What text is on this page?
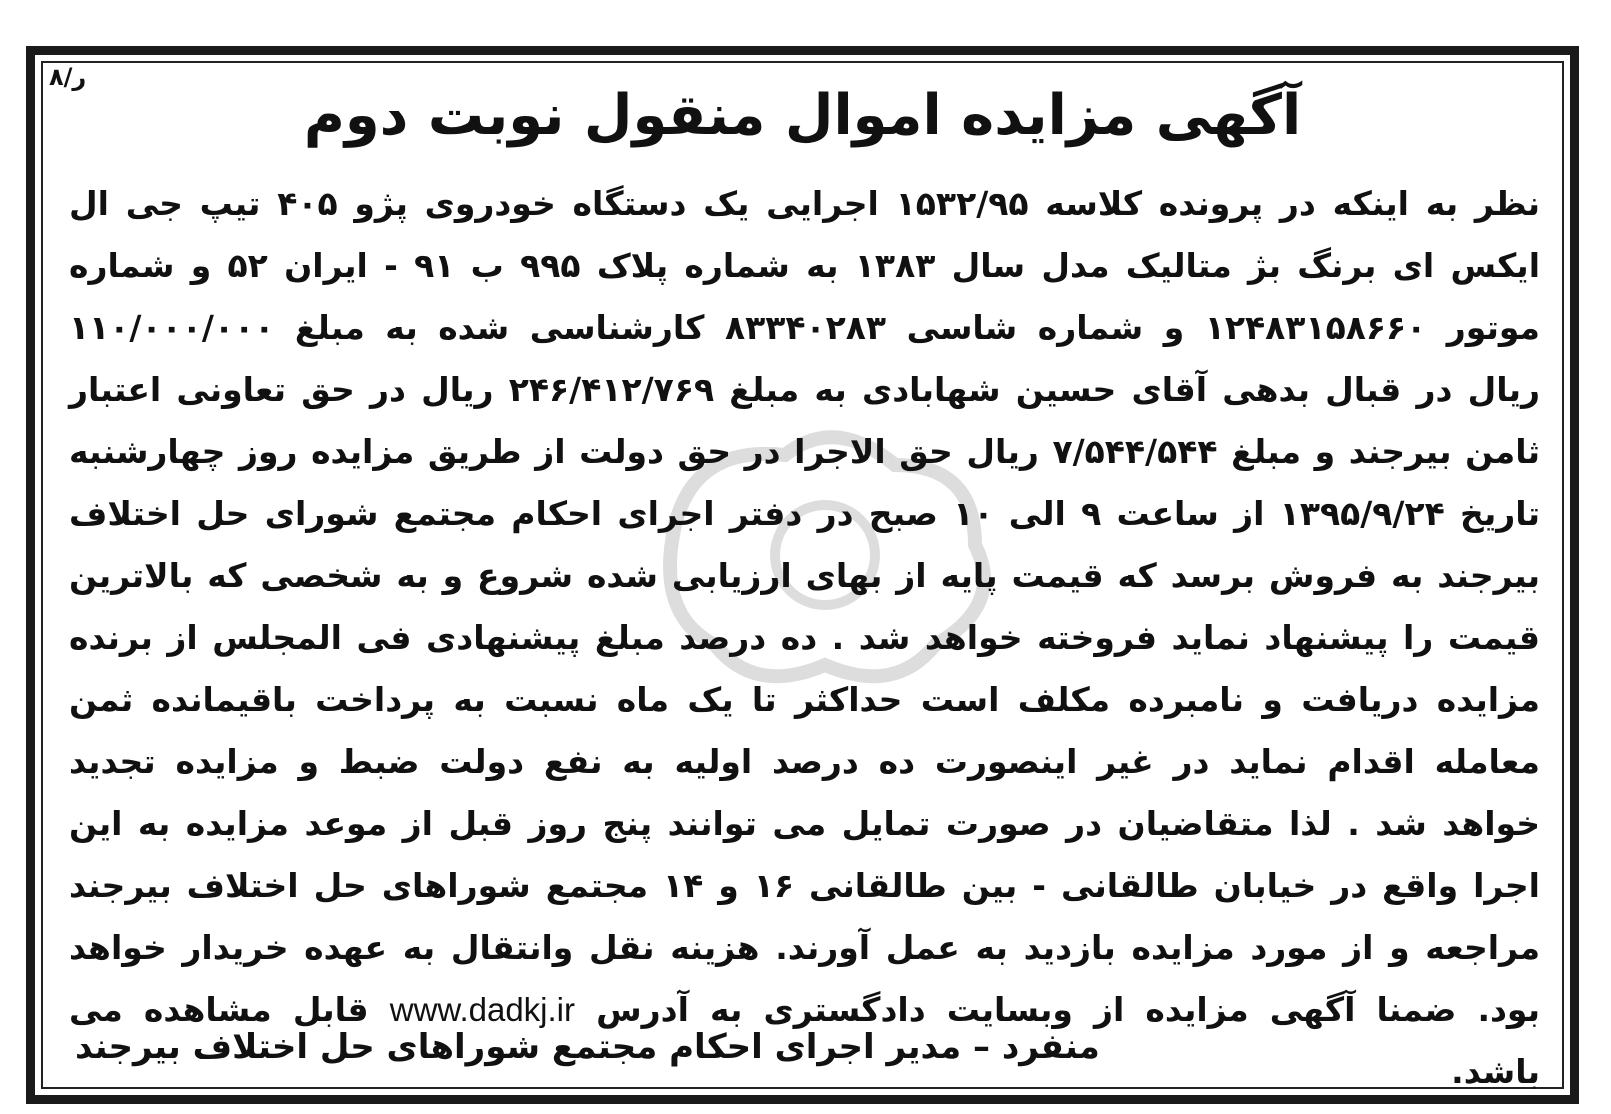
۸/ر
آگهی مزایده اموال منقول نوبت دوم
نظر به اینکه در پرونده کلاسه ۱۵۳۲/۹۵ اجرایی یک دستگاه خودروی پژو ۴۰۵ تیپ جی ال ایکس ای برنگ بژ متالیک مدل سال ۱۳۸۳ به شماره پلاک ۹۹۵ ب ۹۱ - ایران ۵۲ و شماره موتور ۱۲۴۸۳۱۵۸۶۶۰ و شماره شاسی ۸۳۳۴۰۲۸۳ کارشناسی شده به مبلغ ۱۱۰/۰۰۰/۰۰۰ ریال در قبال بدهی آقای حسین شهابادی به مبلغ ۲۴۶/۴۱۲/۷۶۹ ریال در حق تعاونی اعتبار ثامن بیرجند و مبلغ ۷/۵۴۴/۵۴۴ ریال حق الاجرا در حق دولت از طریق مزایده روز چهارشنبه تاریخ ۱۳۹۵/۹/۲۴ از ساعت ۹ الی ۱۰ صبح در دفتر اجرای احکام مجتمع شورای حل اختلاف بیرجند به فروش برسد که قیمت پایه از بهای ارزیابی شده شروع و به شخصی که بالاترین قیمت را پیشنهاد نماید فروخته خواهد شد . ده درصد مبلغ پیشنهادی فی المجلس از برنده مزایده دریافت و نامبرده مکلف است حداکثر تا یک ماه نسبت به پرداخت باقیمانده ثمن معامله اقدام نماید در غیر اینصورت ده درصد اولیه به نفع دولت ضبط و مزایده تجدید خواهد شد . لذا متقاضیان در صورت تمایل می توانند پنج روز قبل از موعد مزایده به این اجرا واقع در خیابان طالقانی - بین طالقانی ۱۶ و ۱۴ مجتمع شوراهای حل اختلاف بیرجند مراجعه و از مورد مزایده بازدید به عمل آورند. هزینه نقل وانتقال به عهده خریدار خواهد بود. ضمنا آگهی مزایده از وبسایت دادگستری به آدرس www.dadkj.ir قابل مشاهده می باشد.
منفرد – مدیر اجرای احکام مجتمع شوراهای حل اختلاف بیرجند
